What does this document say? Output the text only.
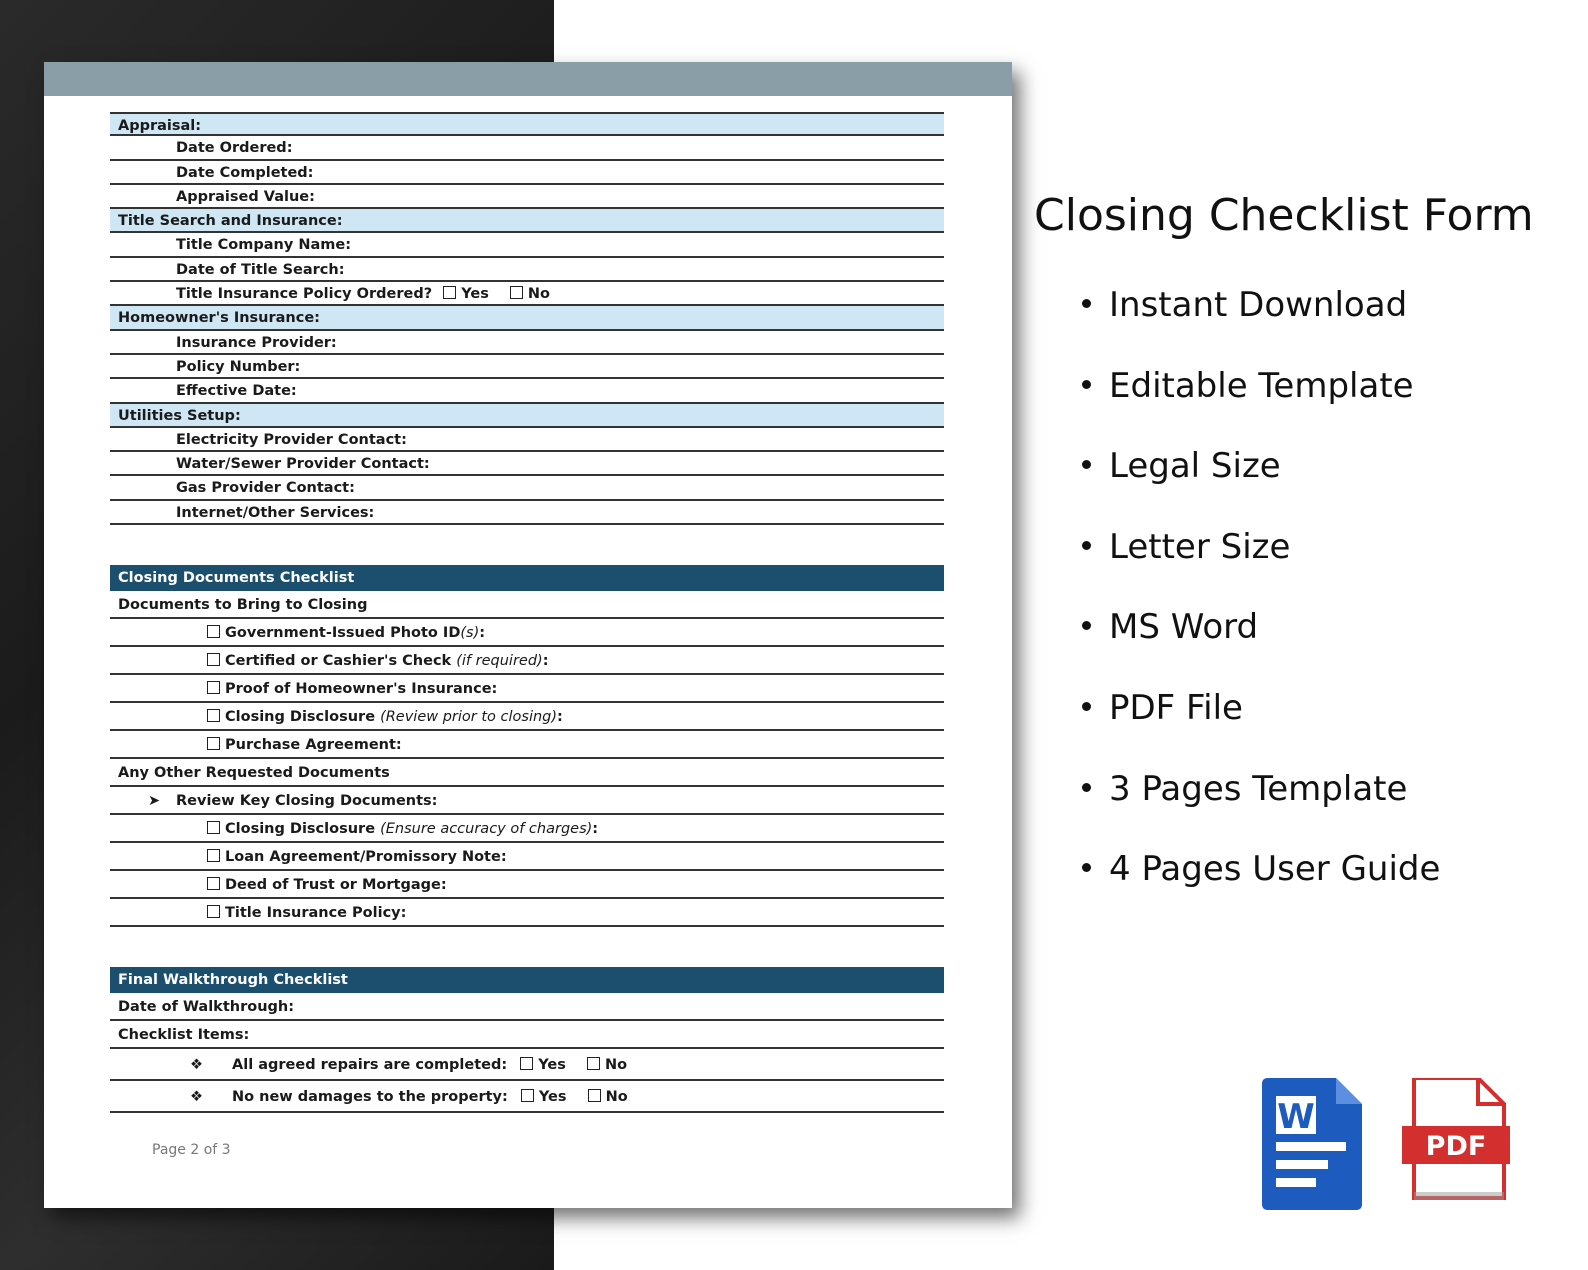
Appraisal:
Date Ordered:
Date Completed:
Appraised Value:
Title Search and Insurance:
Title Company Name:
Date of Title Search:
Title Insurance Policy Ordered? Yes	No
Homeowner's Insurance:
Insurance Provider:
Policy Number:
Effective Date:
Utilities Setup:
Electricity Provider Contact:
Water/Sewer Provider Contact:
Gas Provider Contact:
Internet/Other Services:
Closing Documents Checklist
Documents to Bring to Closing
Government-Issued Photo ID(s):
Certified or Cashier's Check (if required):
Proof of Homeowner's Insurance:
Closing Disclosure (Review prior to closing):
Purchase Agreement:
Any Other Requested Documents
➤ Review Key Closing Documents:
Closing Disclosure (Ensure accuracy of charges):
Loan Agreement/Promissory Note:
Deed of Trust or Mortgage:
Title Insurance Policy:
Final Walkthrough Checklist
Date of Walkthrough:
Checklist Items:
❖ All agreed repairs are completed: Yes	No
❖ No new damages to the property: Yes	No
Page 2 of 3
Closing Checklist Form
Instant Download
Editable Template
Legal Size
Letter Size
MS Word
PDF File
3 Pages Template
4 Pages User Guide
W
PDF
